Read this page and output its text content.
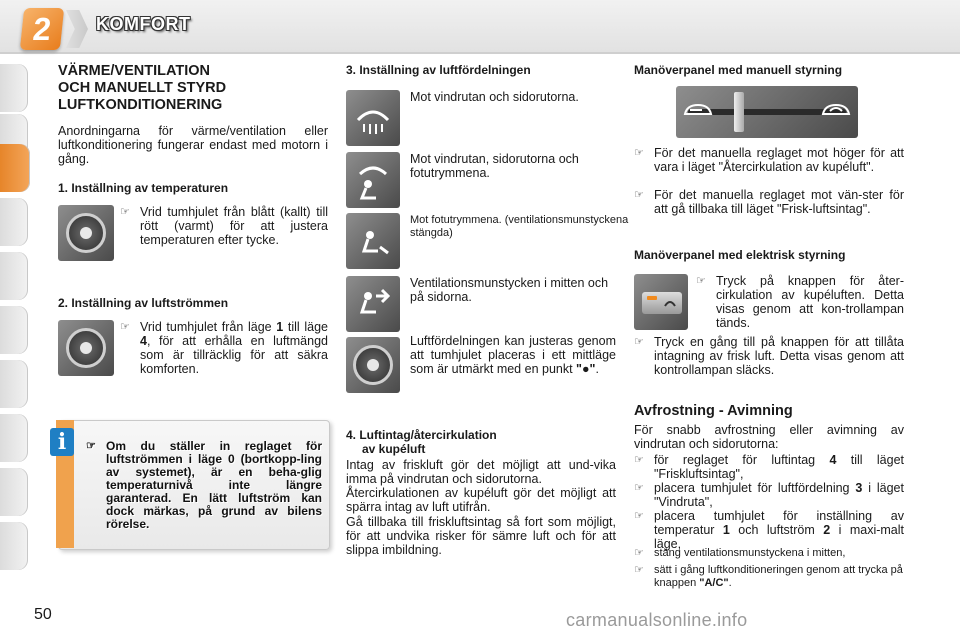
2	KOMFORT
50
VÄRME/VENTILATION
OCH MANUELLT STYRD
LUFTKONDITIONERING
Anordningarna för värme/ventilation eller luftkonditionering fungerar endast med motorn i gång.
1. Inställning av temperaturen
☞ Vrid tumhjulet från blått (kallt) till rött (varmt) för att justera temperaturen efter tycke.
2. Inställning av luftströmmen
☞ Vrid tumhjulet från läge 1 till läge 4, för att erhålla en luftmängd som är tillräcklig för att säkra komforten.
i	☞ Om du ställer in reglaget för luftströmmen i läge 0 (bortkopp-ling av systemet), är en beha-glig temperaturnivå inte längre garanterad. En lätt luftström kan dock märkas, på grund av bilens rörelse.
3. Inställning av luftfördelningen
Mot vindrutan och sidorutorna.
Mot vindrutan, sidorutorna och fotutrymmena.
Mot fotutrymmena. (ventilationsmunstyckena stängda)
Ventilationsmunstycken i mitten och på sidorna.
Luftfördelningen kan justeras genom att tumhjulet placeras i ett mittläge som är utmärkt med en punkt "●".
4. Luftintag/återcirkulation
av kupéluft
Intag av friskluft gör det möjligt att und-vika imma på vindrutan och sidorutorna.
Återcirkulationen av kupéluft gör det möjligt att spärra intag av luft utifrån.
Gå tillbaka till friskluftsintag så fort som möjligt, för att undvika risker för sämre luft och för att slippa imbildning.
Manöverpanel med manuell styrning
☞ För det manuella reglaget mot höger för att vara i läget "Återcirkulation av kupéluft".
☞ För det manuella reglaget mot vän-ster för att gå tillbaka till läget "Frisk-luftsintag".
Manöverpanel med elektrisk styrning
☞ Tryck på knappen för åter-cirkulation av kupéluften. Detta visas genom att kon-trollampan tänds.
☞ Tryck en gång till på knappen för att tillåta intagning av frisk luft. Detta visas genom att kontrollampan släcks.
Avfrostning - Avimning
För snabb avfrostning eller avimning av vindrutan och sidorutorna:
☞ för reglaget för luftintag 4 till läget "Friskluftsintag",
☞ placera tumhjulet för luftfördelning 3 i läget "Vindruta",
☞ placera tumhjulet för inställning av temperatur 1 och luftström 2 i maxi-malt läge,
☞ stäng ventilationsmunstyckena i mitten,
☞ sätt i gång luftkonditioneringen genom att trycka på knappen "A/C".
carmanualsonline.info
